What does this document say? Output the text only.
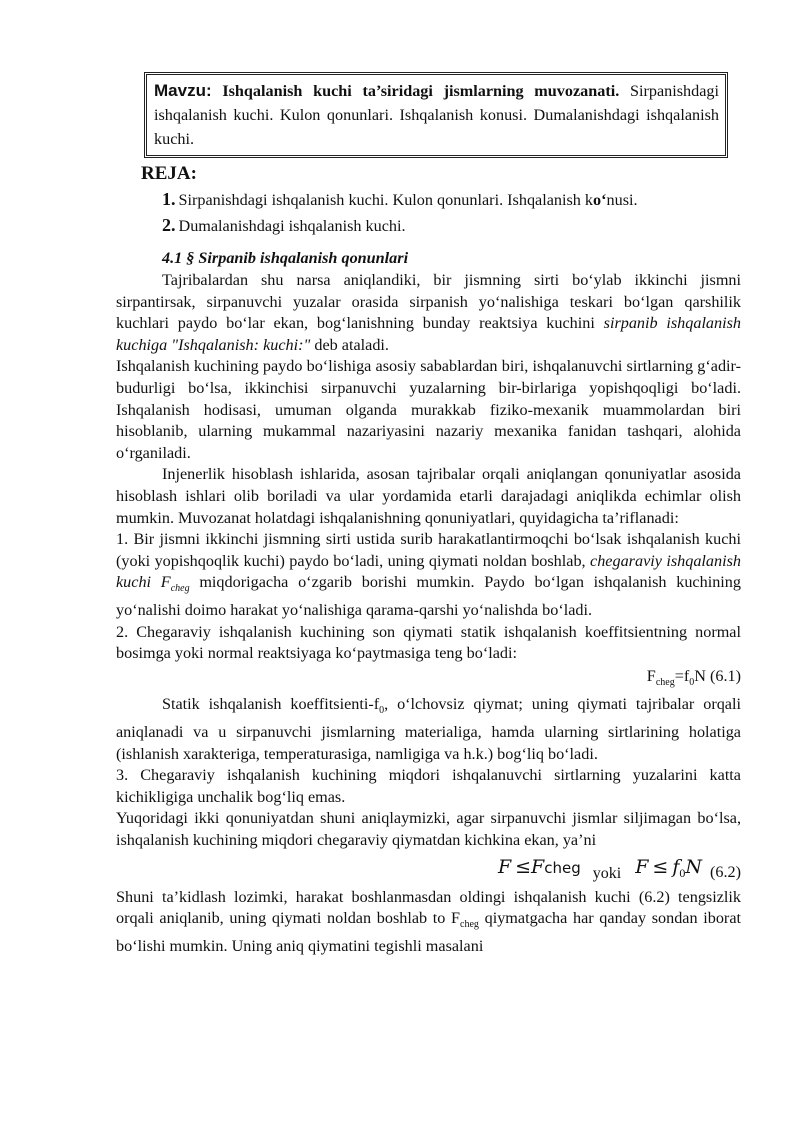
Mavzu: Ishqalanish kuchi ta’siridagi jismlarning muvozanati. Sirpanishdagi ishqalanish kuchi. Kulon qonunlari. Ishqalanish konusi. Dumalanishdagi ishqalanish kuchi.
REJA:
1. Sirpanishdagi ishqalanish kuchi. Kulon qonunlari. Ishqalanish ko‘nusi.
2. Dumalanishdagi ishqalanish kuchi.
4.1 § Sirpanib ishqalanish qonunlari

Tajribalardan shu narsa aniqlandiki, bir jismning sirti bo‘ylab ikkinchi jismni sirpantirsak, sirpanuvchi yuzalar orasida sirpanish yo‘nalishiga teskari bo‘lgan qarshilik kuchlari paydo bo‘lar ekan, bog‘lanishning bunday reaktsiya kuchini sirpanib ishqalanish kuchiga "Ishqalanish: kuchi:" deb ataladi.

Ishqalanish kuchining paydo bo‘lishiga asosiy sabablardan biri, ishqalanuvchi sirtlarning g‘adir-budurligi bo‘lsa, ikkinchisi sirpanuvchi yuzalarning bir-birlariga yopishqoqligi bo‘ladi. Ishqalanish hodisasi, umuman olganda murakkab fiziko-mexanik muammolardan biri hisoblanib, ularning mukammal nazariyasini nazariy mexanika fanidan tashqari, alohida o‘rganiladi.

Injenerlik hisoblash ishlarida, asosan tajribalar orqali aniqlangan qonuniyatlar asosida hisoblash ishlari olib boriladi va ular yordamida etarli darajadagi aniqlikda echimlar olish mumkin. Muvozanat holatdagi ishqalanishning qonuniyatlari, quyidagicha ta’riflanadi:

1. Bir jismni ikkinchi jismning sirti ustida surib harakatlantirmoqchi bo‘lsak ishqalanish kuchi (yoki yopishqoqlik kuchi) paydo bo‘ladi, uning qiymati noldan boshlab, chegaraviy ishqalanish kuchi $F_{cheg}$ miqdorigacha o‘zgarib borishi mumkin. Paydo bo‘lgan ishqalanish kuchining yo‘nalishi doimo harakat yo‘nalishiga qarama-qarshi yo‘nalishda bo‘ladi.

2. Chegaraviy ishqalanish kuchining son qiymati statik ishqalanish koeffitsientning normal bosimga yoki normal reaktsiyaga ko‘paytmasiga teng bo‘ladi:

$F_{cheg}=f_0N$ (6.1)

Statik ishqalanish koeffitsienti-$f_0$, o‘lchovsiz qiymat; uning qiymati tajribalar orqali aniqlanadi va u sirpanuvchi jismlarning materialiga, hamda ularning sirtlarining holatiga (ishlanish xarakteriga, temperaturasiga, namligiga va h.k.) bog‘liq bo‘ladi.

3. Chegaraviy ishqalanish kuchining miqdori ishqalanuvchi sirtlarning yuzalarini katta kichikligiga unchalik bog‘liq emas.

Yuqoridagi ikki qonuniyatdan shuni aniqlaymizki, agar sirpanuvchi jismlar siljimagan bo‘lsa, ishqalanish kuchining miqdori chegaraviy qiymatdan kichkina ekan, ya’ni

F ≤Fcheg yoki $F \le f_0N$ (6.2)

Shuni ta’kidlash lozimki, harakat boshlanmasdan oldingi ishqalanish kuchi (6.2) tengsizlik orqali aniqlanib, uning qiymati noldan boshlab to $F_{cheg}$ qiymatgacha har qanday sondan iborat bo‘lishi mumkin. Uning aniq qiymatini tegishli masalani
